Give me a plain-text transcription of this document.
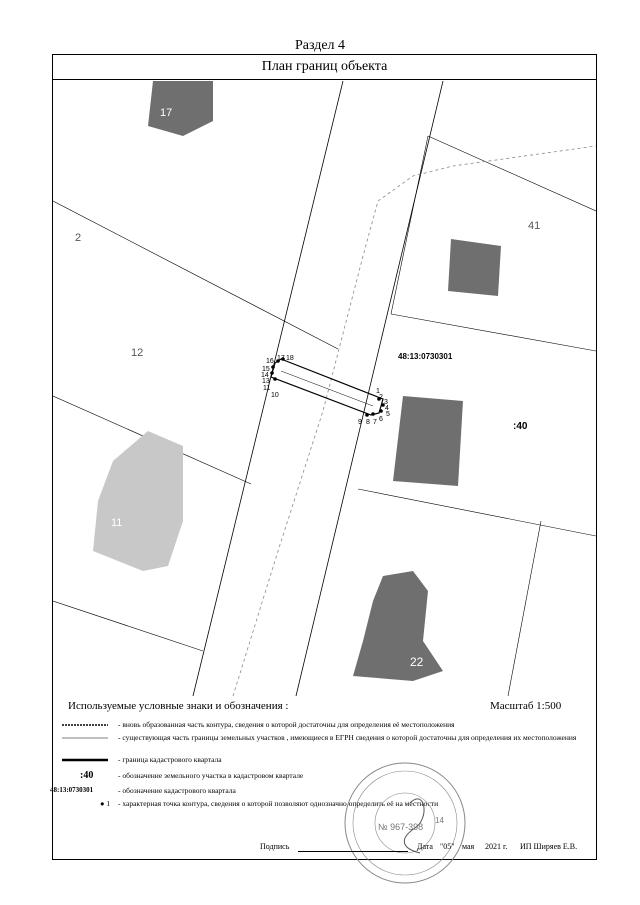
Раздел 4
План границ объекта
16 17 18
15
14
13
11
10
1
2
3
4
5
6
7
8
9
17
12
11
41
22
2
48:13:0730301
:40
Используемые условные знаки и обозначения :	Масштаб 1:500
- вновь образованная часть контура, сведения о которой достаточны для определения её местоположения
- существующая часть границы земельных участков , имеющиеся в ЕГРН сведения о которой достаточны для определения их местоположения
- граница кадастрового квартала
:40	- обозначение земельного участка в кадастровом квартале
48:13:0730301	- обозначение кадастрового квартала
● 1	- характерная точка контура, сведения о которой позволяют однозначно определить её на местности
№ 967-398
14
Подпись	Дата "05" мая 2021 г. ИП Ширяев Е.В.
